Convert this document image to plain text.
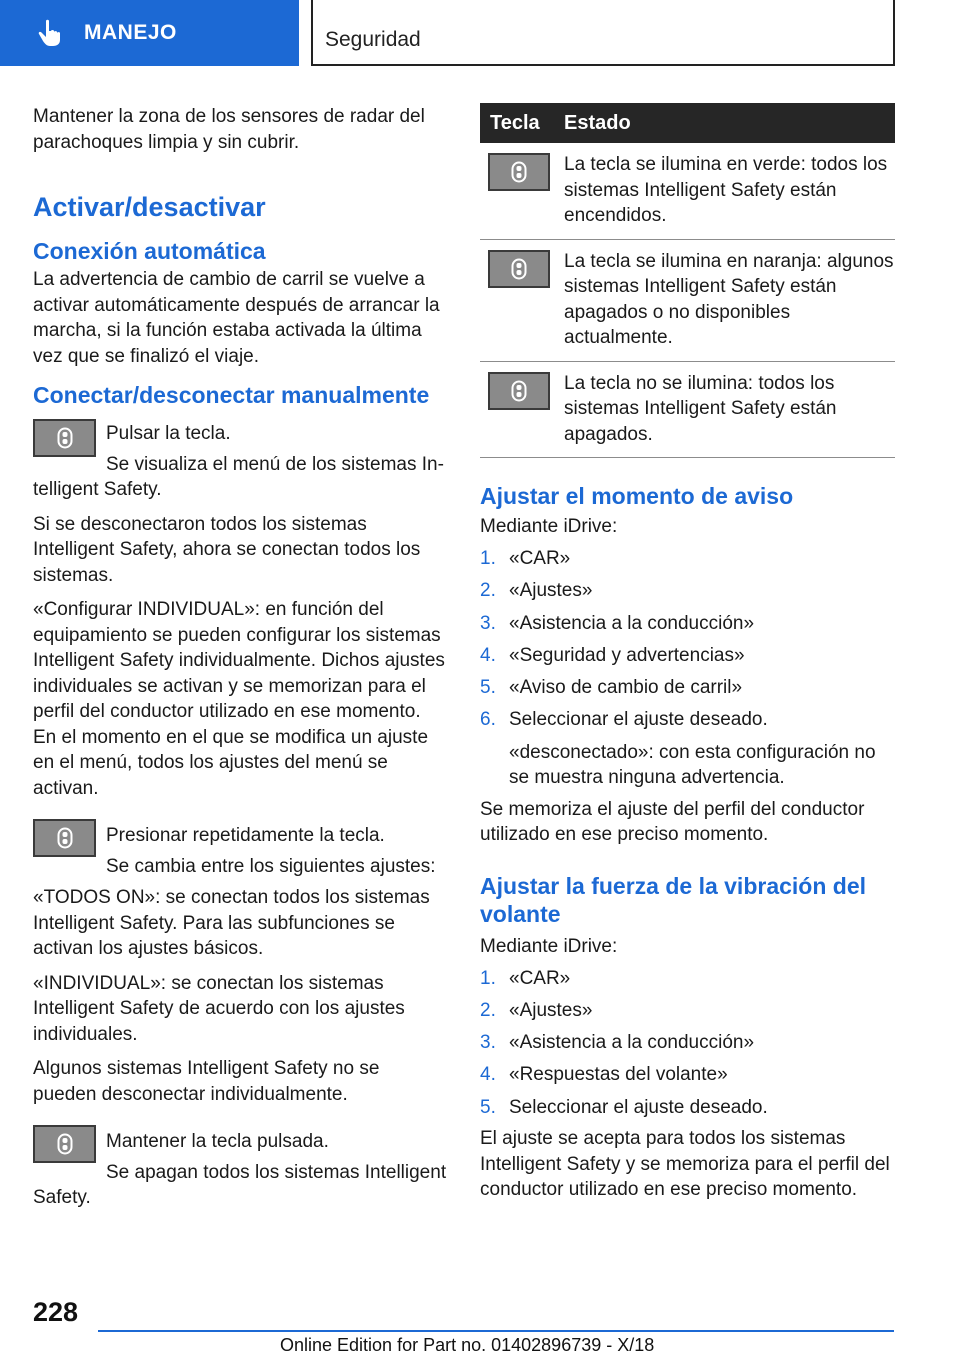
MANEJO	Seguridad

Mantener la zona de los sensores de radar del parachoques limpia y sin cubrir.

Activar/desactivar
Conexión automática

La advertencia de cambio de carril se vuelve a activar automáticamente después de arrancar la marcha, si la función estaba activada la última vez que se finalizó el viaje.

Conectar/desconectar manualmente

Pulsar la tecla.

Se visualiza el menú de los sistemas In-

telligent Safety.

Si se desconectaron todos los sistemas Intelligent Safety, ahora se conectan todos los sistemas.

«Configurar INDIVIDUAL»: en función del equipamiento se pueden configurar los sistemas Intelligent Safety individualmente. Dichos ajustes individuales se activan y se memorizan para el perfil del conductor utilizado en ese momento. En el momento en el que se modifica un ajuste en el menú, todos los ajustes del menú se activan.

Presionar repetidamente la tecla.

Se cambia entre los siguientes ajustes:

«TODOS ON»: se conectan todos los sistemas Intelligent Safety. Para las subfunciones se activan los ajustes básicos.

«INDIVIDUAL»: se conectan los sistemas Intelligent Safety de acuerdo con los ajustes individuales.

Algunos sistemas Intelligent Safety no se pueden desconectar individualmente.

Mantener la tecla pulsada.

Se apagan todos los sistemas Intelligent

Safety.

Tecla	Estado

	La tecla se ilumina en verde: todos los sistemas Intelligent Safety están encendidos.

	La tecla se ilumina en naranja: algunos sistemas Intelligent Safety están apagados o no disponibles actualmente.

	La tecla no se ilumina: todos los sistemas Intelligent Safety están apagados.
Ajustar el momento de aviso

Mediante iDrive:

1. «CAR»
2. «Ajustes»
3. «Asistencia a la conducción»
4. «Seguridad y advertencias»
5. «Aviso de cambio de carril»
6. Seleccionar el ajuste deseado.

«desconectado»: con esta configuración no se muestra ninguna advertencia.

Se memoriza el ajuste del perfil del conductor utilizado en ese preciso momento.

Ajustar la fuerza de la vibración del volante

Mediante iDrive:

1. «CAR»
2. «Ajustes»
3. «Asistencia a la conducción»
4. «Respuestas del volante»
5. Seleccionar el ajuste deseado.

El ajuste se acepta para todos los sistemas Intelligent Safety y se memoriza para el perfil del conductor utilizado en ese preciso momento.

228
Online Edition for Part no. 01402896739 - X/18
